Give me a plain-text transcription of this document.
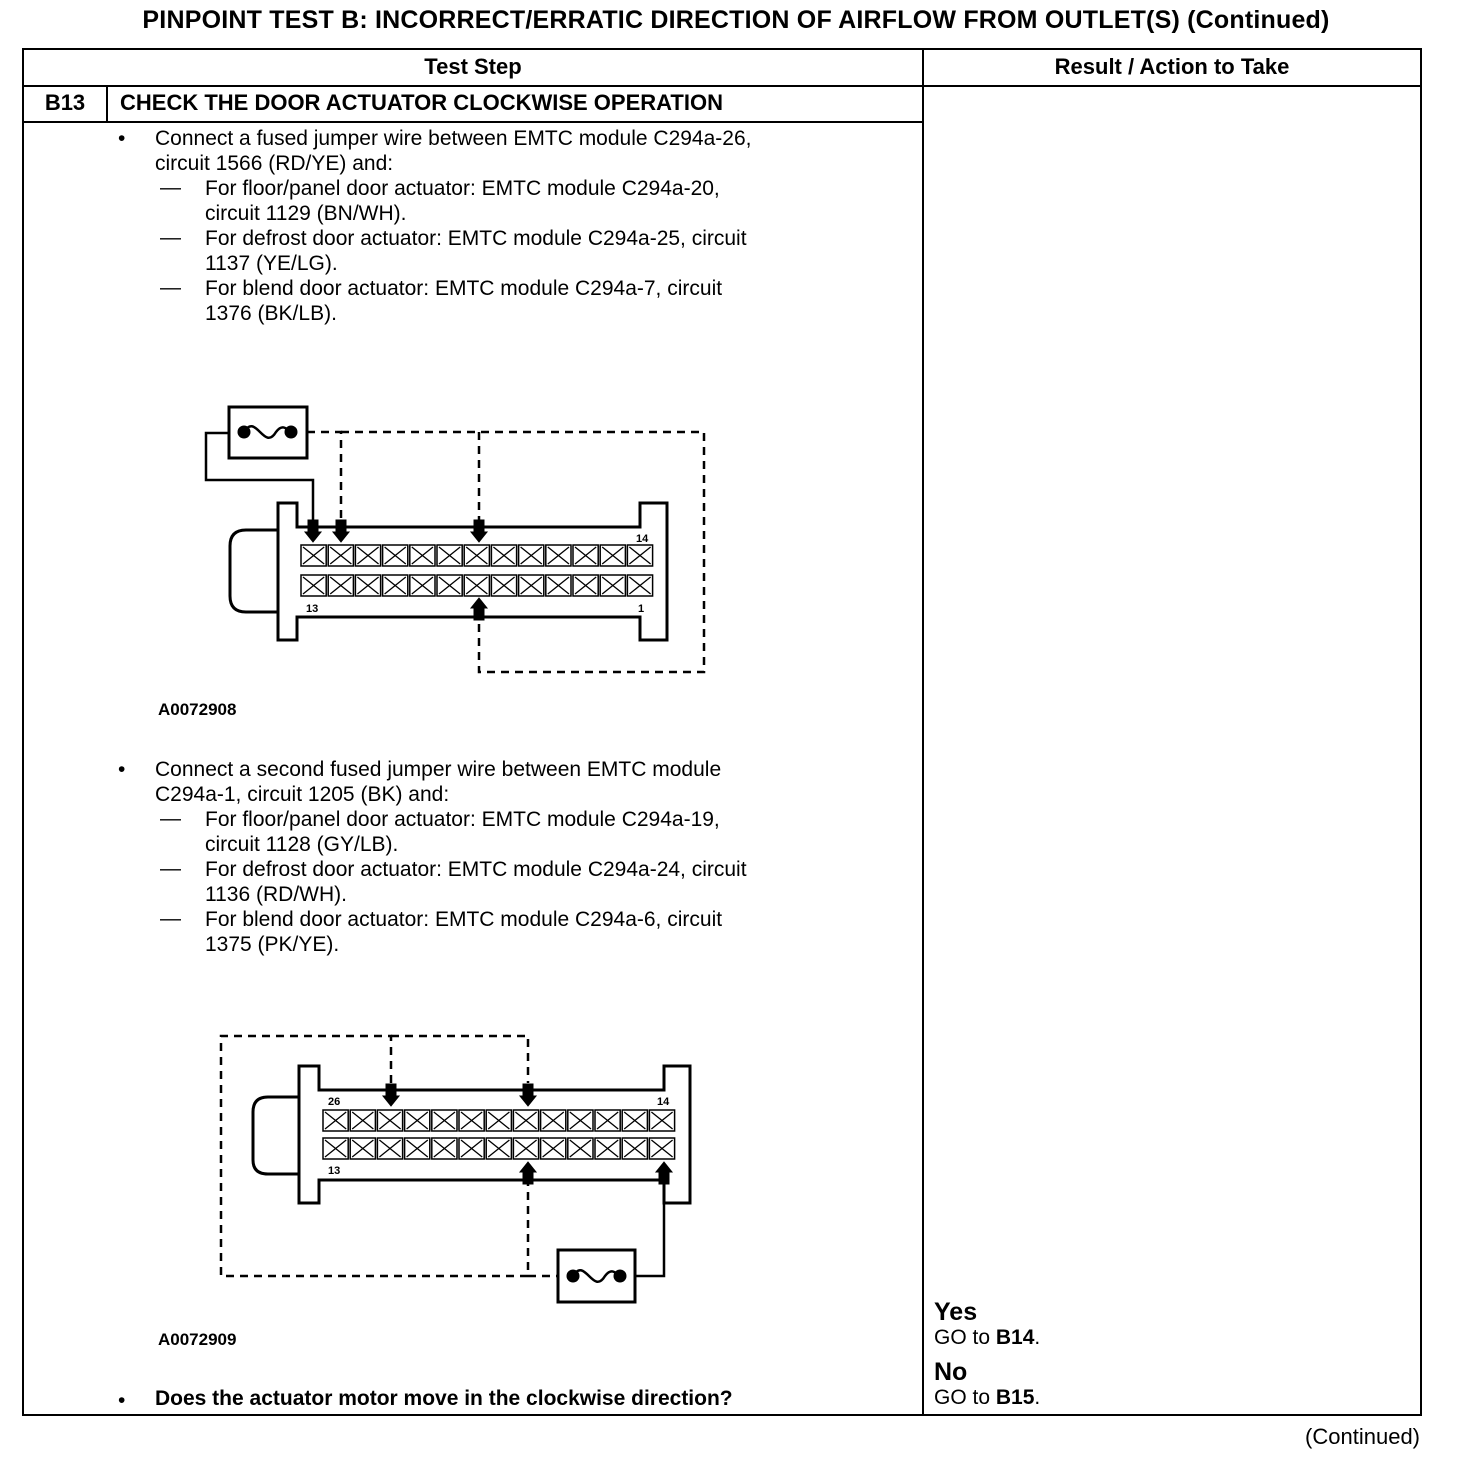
PINPOINT TEST B: INCORRECT/ERRATIC DIRECTION OF AIRFLOW FROM OUTLET(S) (Continued)
Test Step	Result / Action to Take
B13	CHECK THE DOOR ACTUATOR CLOCKWISE OPERATION
• Connect a fused jumper wire between EMTC module C294a-26,
circuit 1566 (RD/YE) and:
— For floor/panel door actuator: EMTC module C294a-20,
circuit 1129 (BN/WH).
— For defrost door actuator: EMTC module C294a-25, circuit
1137 (YE/LG).
— For blend door actuator: EMTC module C294a-7, circuit
1376 (BK/LB).
14
13	1
26	14
13
A0072908
• Connect a second fused jumper wire between EMTC module
C294a-1, circuit 1205 (BK) and:
— For floor/panel door actuator: EMTC module C294a-19,
circuit 1128 (GY/LB).
— For defrost door actuator: EMTC module C294a-24, circuit
1136 (RD/WH).
— For blend door actuator: EMTC module C294a-6, circuit
1375 (PK/YE).
A0072909
• Does the actuator motor move in the clockwise direction?
Yes
GO to B14.
No
GO to B15.
(Continued)
